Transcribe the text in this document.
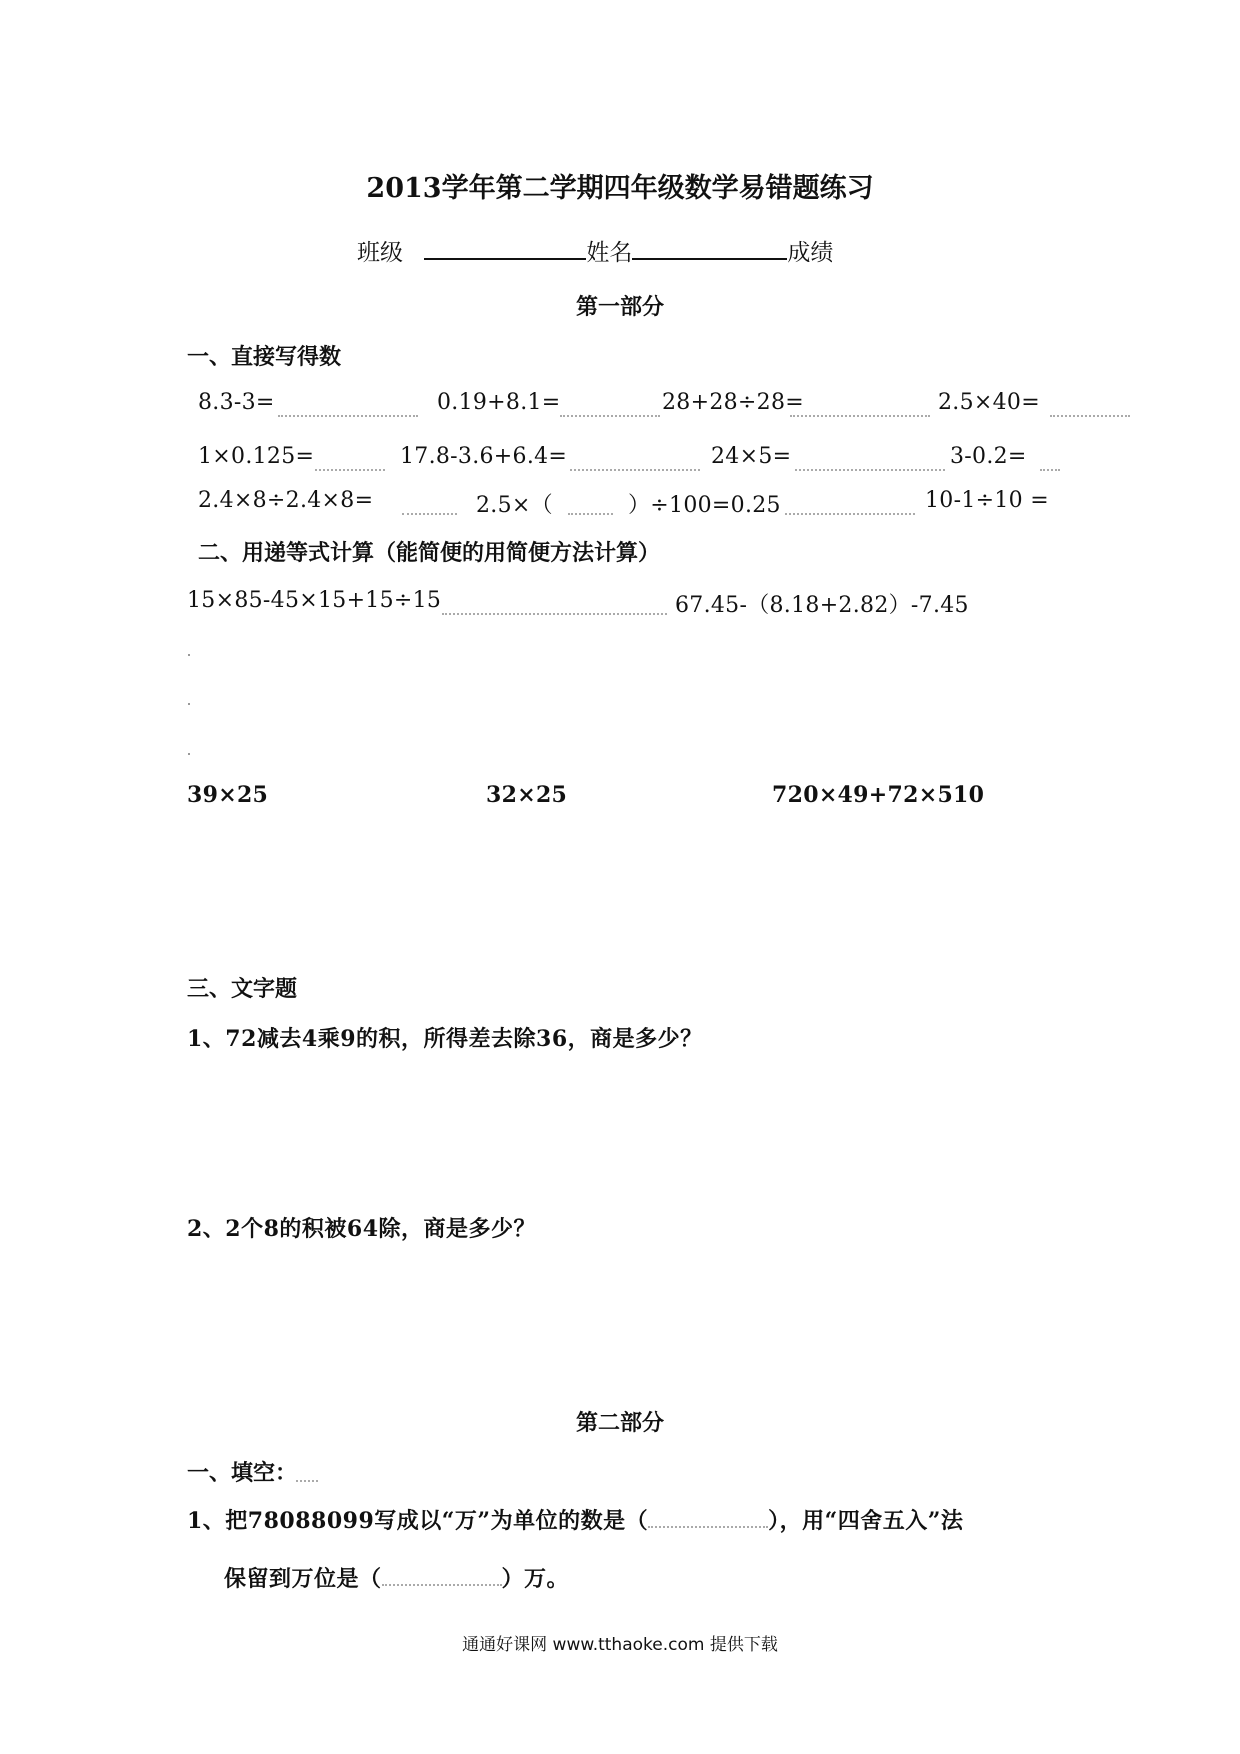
2013学年第二学期四年级数学易错题练习
班级	姓名	成绩
第一部分
一、直接写得数
8.3-3=	0.19+8.1=	28+28÷28=	2.5×40=
1×0.125=	17.8-3.6+6.4=	24×5=	3-0.2=
2.4×8÷2.4×8=	2.5×（	）÷100=0.25	10-1÷10 =
二、用递等式计算（能简便的用简便方法计算）
15×85-45×15+15÷15	67.45-（8.18+2.82）-7.45
39×25	32×25	720×49+72×510
三、文字题
1、72减去4乘9的积，所得差去除36，商是多少？
2、2个8的积被64除，商是多少？
第二部分
一、填空：
1、把78088099写成以“万”为单位的数是（	），用“四舍五入”法
保留到万位是（	）万。
通通好课网 www.tthaoke.com 提供下载
